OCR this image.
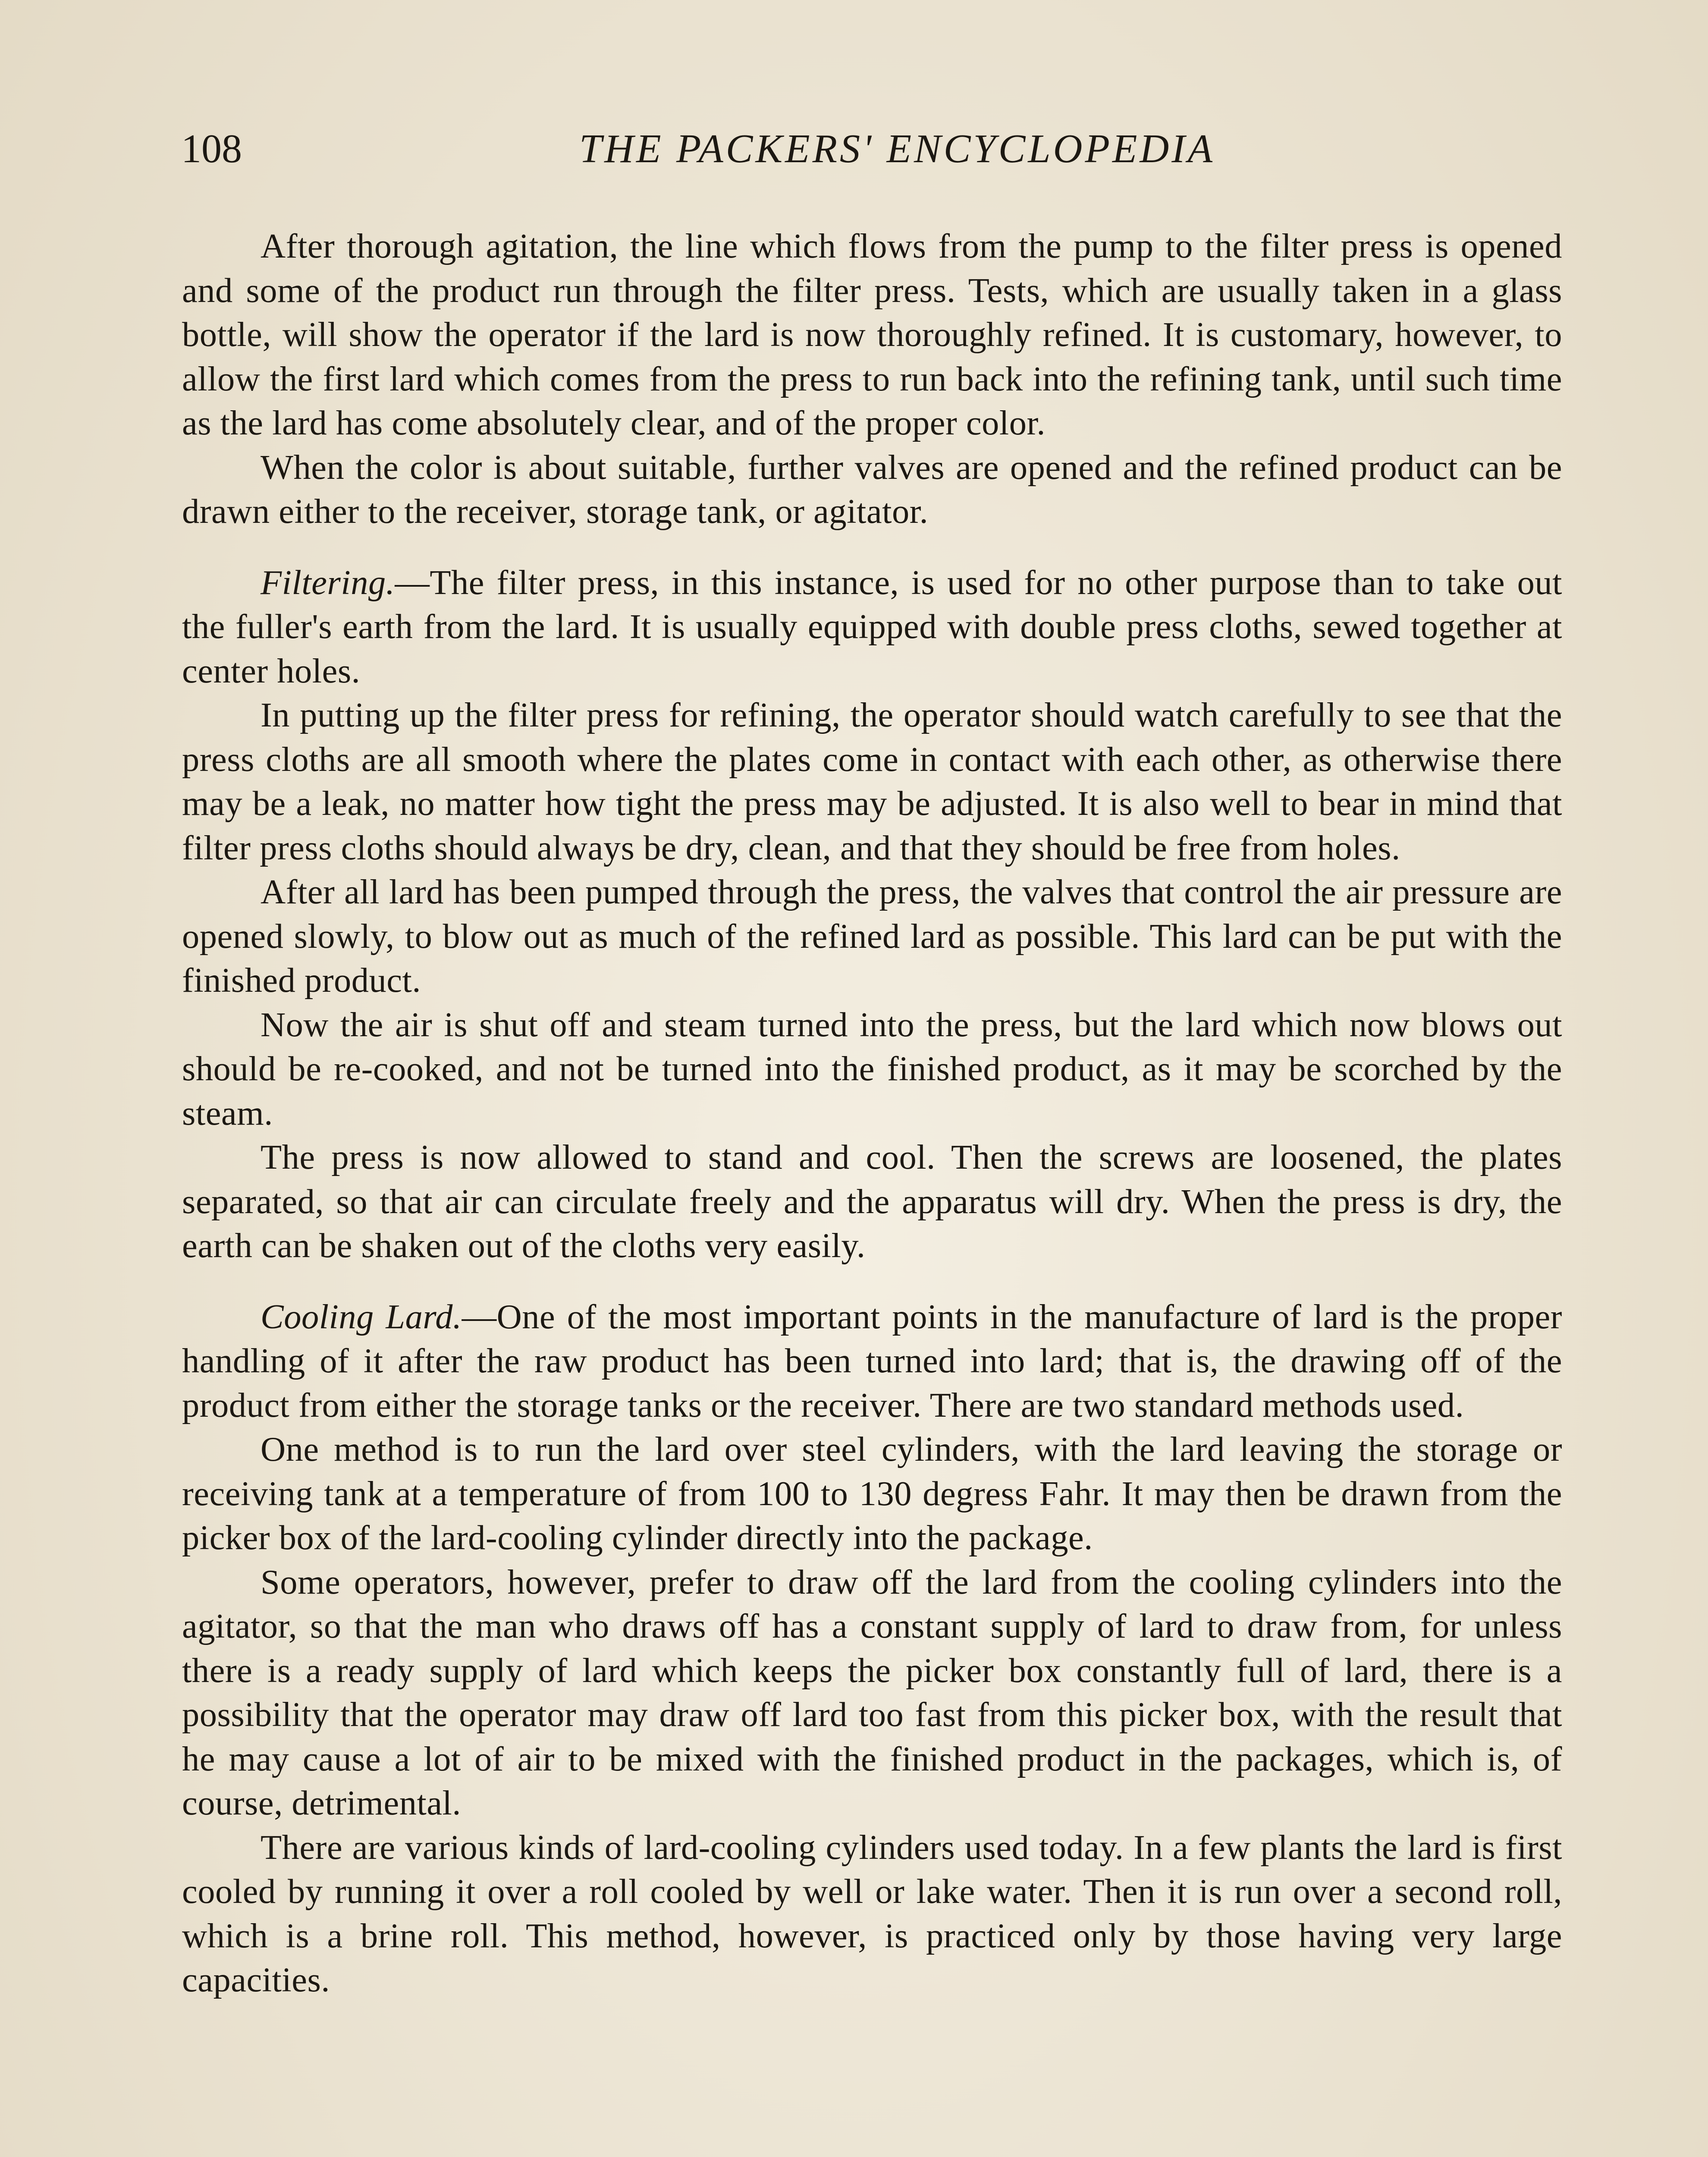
108	THE PACKERS' ENCYCLOPEDIA

After thorough agitation, the line which flows from the pump to the filter press is opened and some of the product run through the filter press. Tests, which are usually taken in a glass bottle, will show the operator if the lard is now thoroughly refined. It is customary, however, to allow the first lard which comes from the press to run back into the refining tank, until such time as the lard has come absolutely clear, and of the proper color.

When the color is about suitable, further valves are opened and the refined product can be drawn either to the receiver, storage tank, or agitator.

Filtering.—The filter press, in this instance, is used for no other purpose than to take out the fuller's earth from the lard. It is usually equipped with double press cloths, sewed together at center holes.

In putting up the filter press for refining, the operator should watch carefully to see that the press cloths are all smooth where the plates come in contact with each other, as otherwise there may be a leak, no matter how tight the press may be adjusted. It is also well to bear in mind that filter press cloths should always be dry, clean, and that they should be free from holes.

After all lard has been pumped through the press, the valves that control the air pressure are opened slowly, to blow out as much of the refined lard as possible. This lard can be put with the finished product.

Now the air is shut off and steam turned into the press, but the lard which now blows out should be re-cooked, and not be turned into the finished product, as it may be scorched by the steam.

The press is now allowed to stand and cool. Then the screws are loosened, the plates separated, so that air can circulate freely and the apparatus will dry. When the press is dry, the earth can be shaken out of the cloths very easily.

Cooling Lard.—One of the most important points in the manufacture of lard is the proper handling of it after the raw product has been turned into lard; that is, the drawing off of the product from either the storage tanks or the receiver. There are two standard methods used.

One method is to run the lard over steel cylinders, with the lard leaving the storage or receiving tank at a temperature of from 100 to 130 degress Fahr. It may then be drawn from the picker box of the lard-cooling cylinder directly into the package.

Some operators, however, prefer to draw off the lard from the cooling cylinders into the agitator, so that the man who draws off has a constant supply of lard to draw from, for unless there is a ready supply of lard which keeps the picker box constantly full of lard, there is a possibility that the operator may draw off lard too fast from this picker box, with the result that he may cause a lot of air to be mixed with the finished product in the packages, which is, of course, detrimental.

There are various kinds of lard-cooling cylinders used today. In a few plants the lard is first cooled by running it over a roll cooled by well or lake water. Then it is run over a second roll, which is a brine roll. This method, however, is practiced only by those having very large capacities.
